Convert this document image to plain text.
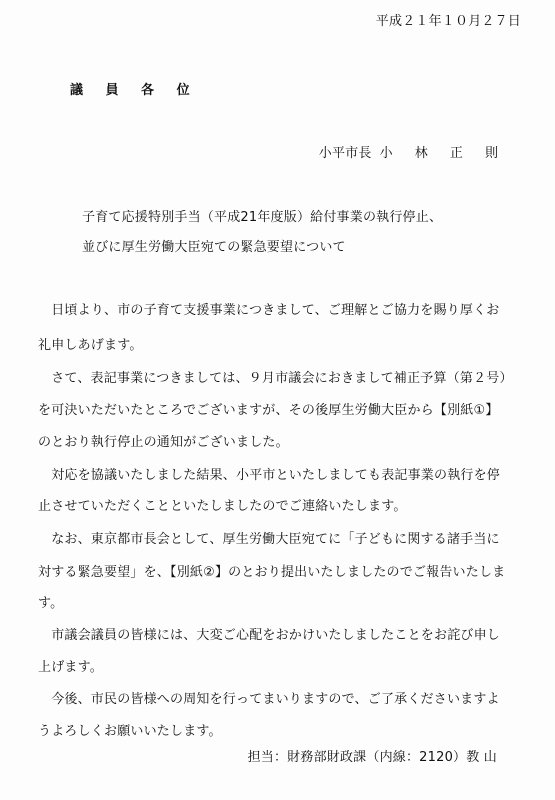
平成２１年１０月２７日
議 員 各 位
小平市長 小 林 正 則
子育て応援特別手当（平成21年度版）給付事業の執行停止、
並びに厚生労働大臣宛ての緊急要望について
　日頃より、市の子育て支援事業につきまして、ご理解とご協力を賜り厚くお
礼申しあげます。
　さて、表記事業につきましては、９月市議会におきまして補正予算（第２号）
を可決いただいたところでございますが、その後厚生労働大臣から【別紙①】
のとおり執行停止の通知がございました。
　対応を協議いたしました結果、小平市といたしましても表記事業の執行を停
止させていただくことといたしましたのでご連絡いたします。
　なお、東京都市長会として、厚生労働大臣宛てに「子どもに関する諸手当に
対する緊急要望」を、【別紙②】のとおり提出いたしましたのでご報告いたしま
す。
　市議会議員の皆様には、大変ご心配をおかけいたしましたことをお詫び申し
上げます。
　今後、市民の皆様への周知を行ってまいりますので、ご了承くださいますよ
うよろしくお願いいたします。
担当：財務部財政課（内線：2120）教 山
